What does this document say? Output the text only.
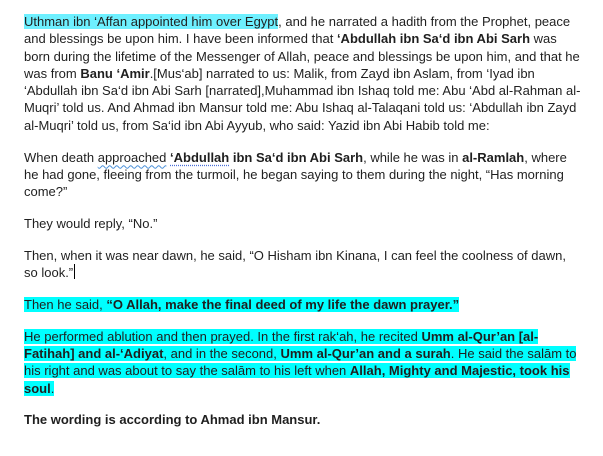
Uthman ibn ‘Affan appointed him over Egypt, and he narrated a hadith from the Prophet, peace and blessings be upon him. I have been informed that ‘Abdullah ibn Sa‘d ibn Abi Sarh was born during the lifetime of the Messenger of Allah, peace and blessings be upon him, and that he was from Banu ‘Amir.[Mus‘ab] narrated to us: Malik, from Zayd ibn Aslam, from ‘Iyad ibn ‘Abdullah ibn Sa‘d ibn Abi Sarh [narrated],Muhammad ibn Ishaq told me: Abu ‘Abd al-Rahman al-Muqri’ told us. And Ahmad ibn Mansur told me: Abu Ishaq al-Talaqani told us: ‘Abdullah ibn Zayd al-Muqri’ told us, from Sa‘id ibn Abi Ayyub, who said: Yazid ibn Abi Habib told me:

When death approached ‘Abdullah ibn Sa‘d ibn Abi Sarh, while he was in al-Ramlah, where he had gone, fleeing from the turmoil, he began saying to them during the night, “Has morning come?”

They would reply, “No.”

Then, when it was near dawn, he said, “O Hisham ibn Kinana, I can feel the coolness of dawn, so look.”

Then he said, “O Allah, make the final deed of my life the dawn prayer.”

He performed ablution and then prayed. In the first rak‘ah, he recited Umm al-Qur’an [al-Fatihah] and al-‘Adiyat, and in the second, Umm al-Qur’an and a surah. He said the salām to his right and was about to say the salām to his left when Allah, Mighty and Majestic, took his soul.

The wording is according to Ahmad ibn Mansur.
